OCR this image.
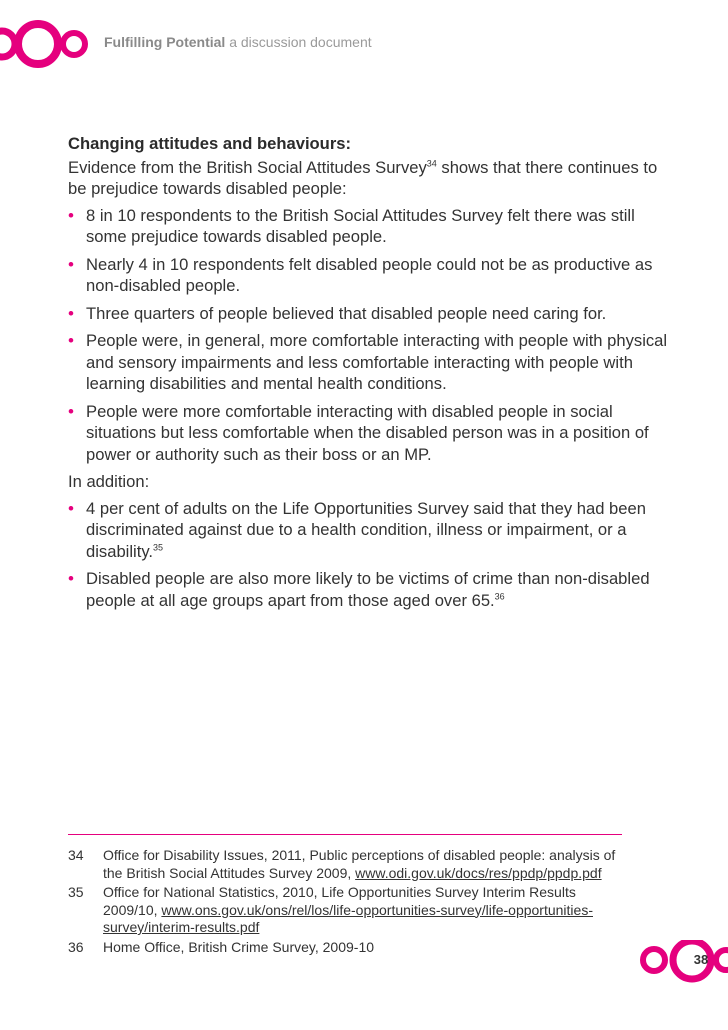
Fulfilling Potential a discussion document
Changing attitudes and behaviours:

Evidence from the British Social Attitudes Survey$^{34}$ shows that there continues to be prejudice towards disabled people:

• 8 in 10 respondents to the British Social Attitudes Survey felt there was still some prejudice towards disabled people.
• Nearly 4 in 10 respondents felt disabled people could not be as productive as non-disabled people.
• Three quarters of people believed that disabled people need caring for.
• People were, in general, more comfortable interacting with people with physical and sensory impairments and less comfortable interacting with people with learning disabilities and mental health conditions.
• People were more comfortable interacting with disabled people in social situations but less comfortable when the disabled person was in a position of power or authority such as their boss or an MP.

In addition:

• 4 per cent of adults on the Life Opportunities Survey said that they had been discriminated against due to a health condition, illness or impairment, or a disability.$^{35}$
• Disabled people are also more likely to be victims of crime than non-disabled people at all age groups apart from those aged over 65.36
34	Office for Disability Issues, 2011, Public perceptions of disabled people: analysis of the British Social Attitudes Survey 2009, www.odi.gov.uk/docs/res/ppdp/ppdp.pdf
35	Office for National Statistics, 2010, Life Opportunities Survey Interim Results 2009/10, www.ons.gov.uk/ons/rel/los/life-opportunities-survey/life-opportunities-survey/interim-results.pdf
36	Home Office, British Crime Survey, 2009-10
38
